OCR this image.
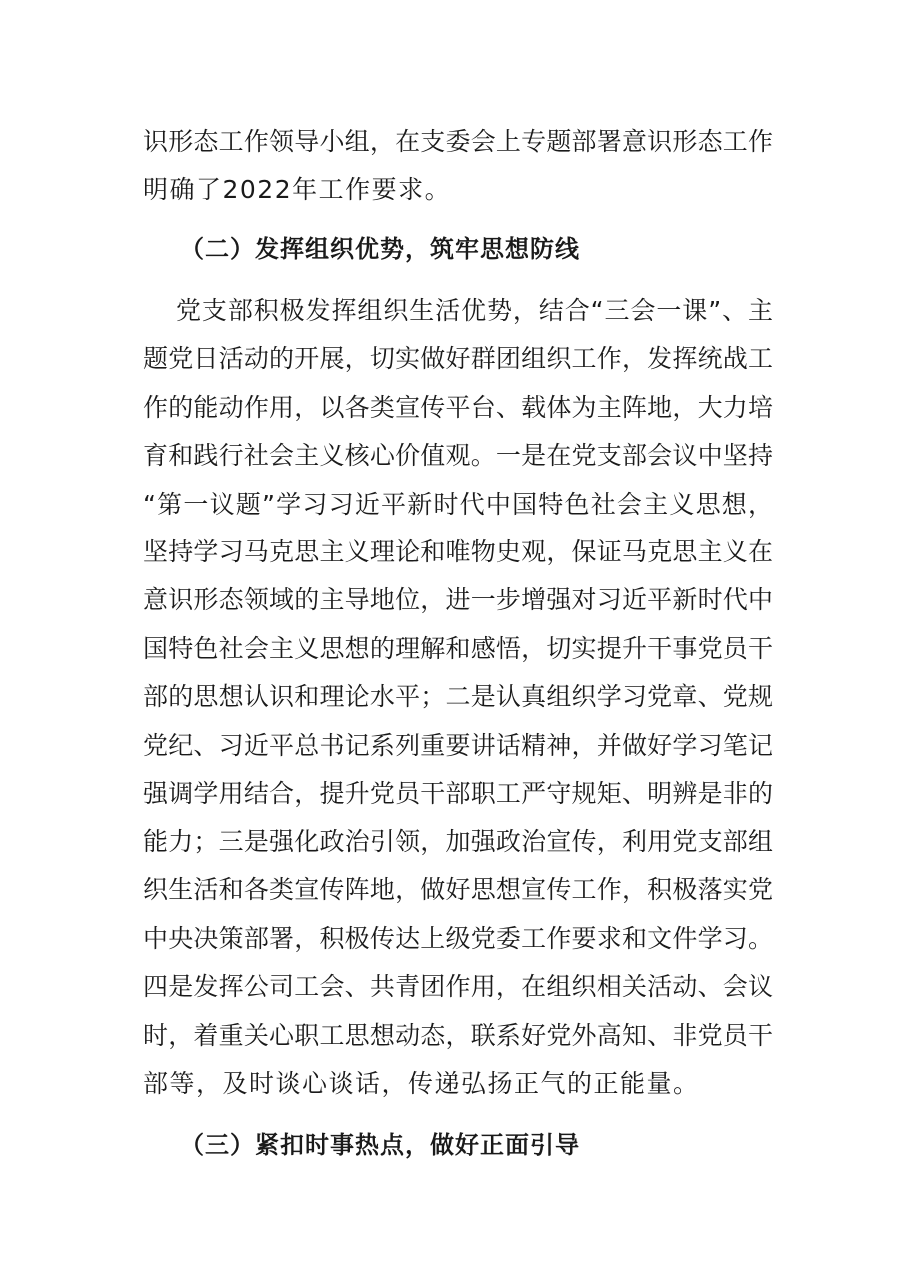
识形态工作领导小组，在支委会上专题部署意识形态工作
明确了2022年工作要求。
（二）发挥组织优势，筑牢思想防线
党支部积极发挥组织生活优势，结合“三会一课”、主
题党日活动的开展，切实做好群团组织工作，发挥统战工
作的能动作用，以各类宣传平台、载体为主阵地，大力培
育和践行社会主义核心价值观。一是在党支部会议中坚持
“第一议题”学习习近平新时代中国特色社会主义思想，
坚持学习马克思主义理论和唯物史观，保证马克思主义在
意识形态领域的主导地位，进一步增强对习近平新时代中
国特色社会主义思想的理解和感悟，切实提升干事党员干
部的思想认识和理论水平；二是认真组织学习党章、党规
党纪、习近平总书记系列重要讲话精神，并做好学习笔记
强调学用结合，提升党员干部职工严守规矩、明辨是非的
能力；三是强化政治引领，加强政治宣传，利用党支部组
织生活和各类宣传阵地，做好思想宣传工作，积极落实党
中央决策部署，积极传达上级党委工作要求和文件学习。
四是发挥公司工会、共青团作用，在组织相关活动、会议
时，着重关心职工思想动态，联系好党外高知、非党员干
部等，及时谈心谈话，传递弘扬正气的正能量。
（三）紧扣时事热点，做好正面引导
